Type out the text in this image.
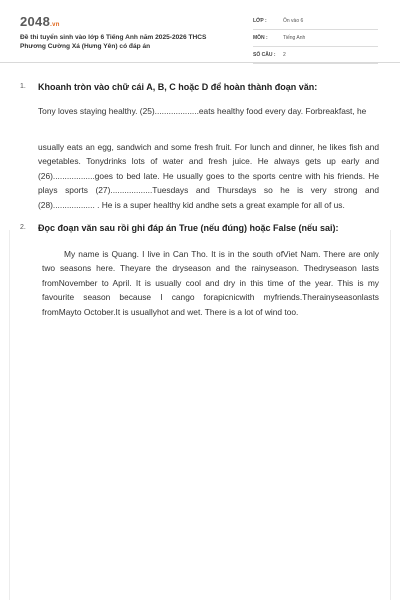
2048.vn
Đề thi tuyển sinh vào lớp 6 Tiếng Anh năm 2025-2026 THCS Phương Cường Xá (Hưng Yên) có đáp án
LỚP :	Ôn vào 6
MÔN :	Tiếng Anh
SỐ CÂU : 2
1. Khoanh tròn vào chữ cái A, B, C hoặc D để hoàn thành đoạn văn:
Tony loves staying healthy. (25)...................eats healthy food every day. Forbreakfast, he
usually eats an egg, sandwich and some fresh fruit. For lunch and dinner, he likes fish and vegetables. Tonydrinks lots of water and fresh juice. He always gets up early and (26)..................goes to bed late. He usually goes to the sports centre with his friends. He plays sports (27)..................Tuesdays and Thursdays so he is very strong and (28).................. . He is a super healthy kid andhe sets a great example for all of us.
2. Đọc đoạn văn sau rồi ghi đáp án True (nếu đúng) hoặc False (nếu sai):
My name is Quang. I live in Can Tho. It is in the south ofViet Nam. There are only two seasons here. Theyare the dryseason and the rainyseason. Thedryseason lasts fromNovember to April. It is usually cool and dry in this time of the year. This is my favourite season because I cango forapicnicwith myfriends.Therainyseasonlasts fromMayto October.It is usuallyhot and wet. There is a lot of wind too.
